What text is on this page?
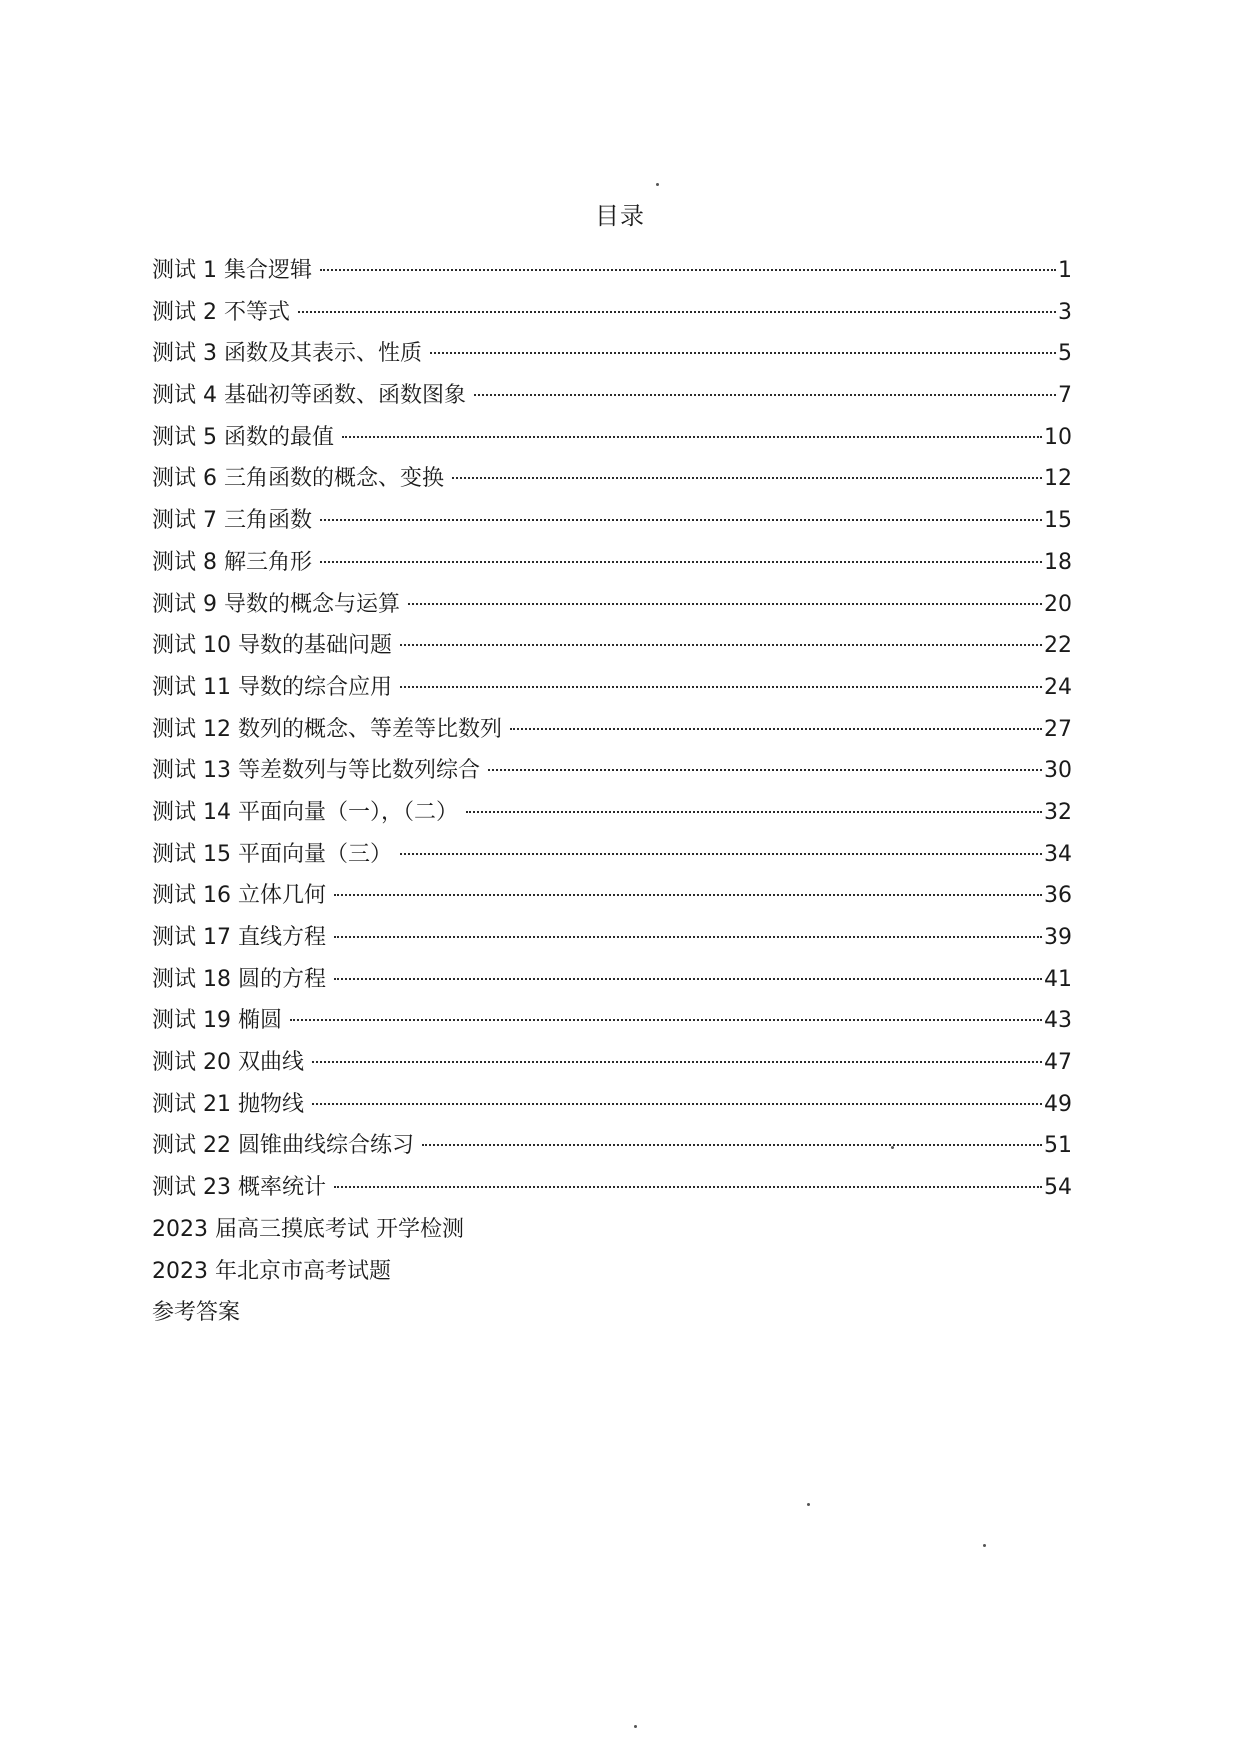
目录
测试 1 集合逻辑	1
测试 2 不等式	3
测试 3 函数及其表示、性质	5
测试 4 基础初等函数、函数图象	7
测试 5 函数的最值	10
测试 6 三角函数的概念、变换	12
测试 7 三角函数	15
测试 8 解三角形	18
测试 9 导数的概念与运算	20
测试 10 导数的基础问题	22
测试 11 导数的综合应用	24
测试 12 数列的概念、等差等比数列	27
测试 13 等差数列与等比数列综合	30
测试 14 平面向量（一），（二）	32
测试 15 平面向量（三）	34
测试 16 立体几何	36
测试 17 直线方程	39
测试 18 圆的方程	41
测试 19 椭圆	43
测试 20 双曲线	47
测试 21 抛物线	49
测试 22 圆锥曲线综合练习	51
测试 23 概率统计	54
2023 届高三摸底考试 开学检测
2023 年北京市高考试题
参考答案
